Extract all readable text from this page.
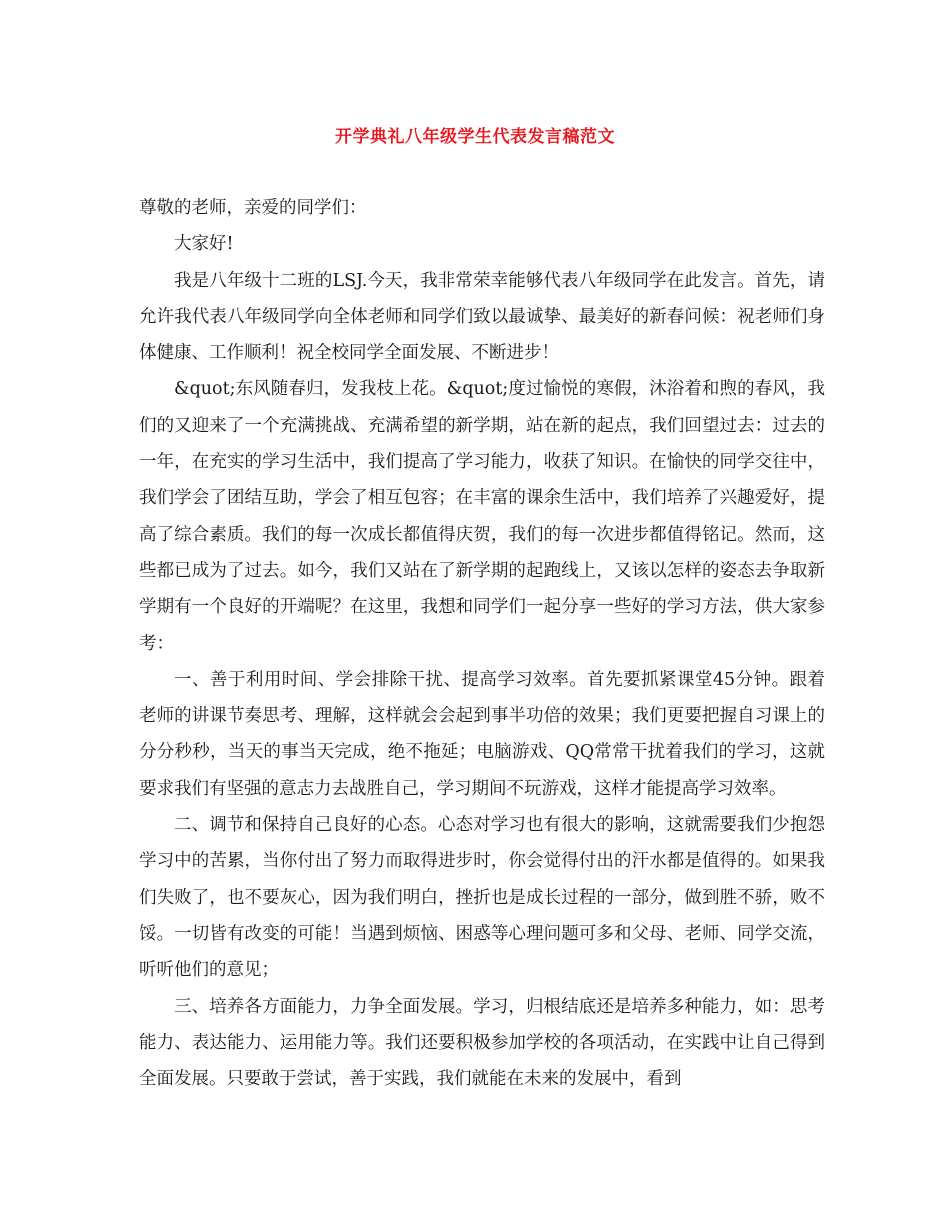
开学典礼八年级学生代表发言稿范文

尊敬的老师，亲爱的同学们：

大家好!

我是八年级十二班的LSJ.今天，我非常荣幸能够代表八年级同学在此发言。首先，请允许我代表八年级同学向全体老师和同学们致以最诚挚、最美好的新春问候：祝老师们身体健康、工作顺利！祝全校同学全面发展、不断进步！

&quot;东风随春归，发我枝上花。&quot;度过愉悦的寒假，沐浴着和煦的春风，我们的又迎来了一个充满挑战、充满希望的新学期，站在新的起点，我们回望过去：过去的一年，在充实的学习生活中，我们提高了学习能力，收获了知识。在愉快的同学交往中，我们学会了团结互助，学会了相互包容；在丰富的课余生活中，我们培养了兴趣爱好，提高了综合素质。我们的每一次成长都值得庆贺，我们的每一次进步都值得铭记。然而，这些都已成为了过去。如今，我们又站在了新学期的起跑线上，又该以怎样的姿态去争取新学期有一个良好的开端呢？在这里，我想和同学们一起分享一些好的学习方法，供大家参考：

一、善于利用时间、学会排除干扰、提高学习效率。首先要抓紧课堂45分钟。跟着老师的讲课节奏思考、理解，这样就会会起到事半功倍的效果；我们更要把握自习课上的分分秒秒，当天的事当天完成，绝不拖延；电脑游戏、QQ常常干扰着我们的学习，这就要求我们有坚强的意志力去战胜自己，学习期间不玩游戏，这样才能提高学习效率。

二、调节和保持自己良好的心态。心态对学习也有很大的影响，这就需要我们少抱怨学习中的苦累，当你付出了努力而取得进步时，你会觉得付出的汗水都是值得的。如果我们失败了，也不要灰心，因为我们明白，挫折也是成长过程的一部分，做到胜不骄，败不馁。一切皆有改变的可能！当遇到烦恼、困惑等心理问题可多和父母、老师、同学交流，听听他们的意见；

三、培养各方面能力，力争全面发展。学习，归根结底还是培养多种能力，如：思考能力、表达能力、运用能力等。我们还要积极参加学校的各项活动，在实践中让自己得到全面发展。只要敢于尝试，善于实践，我们就能在未来的发展中，看到
